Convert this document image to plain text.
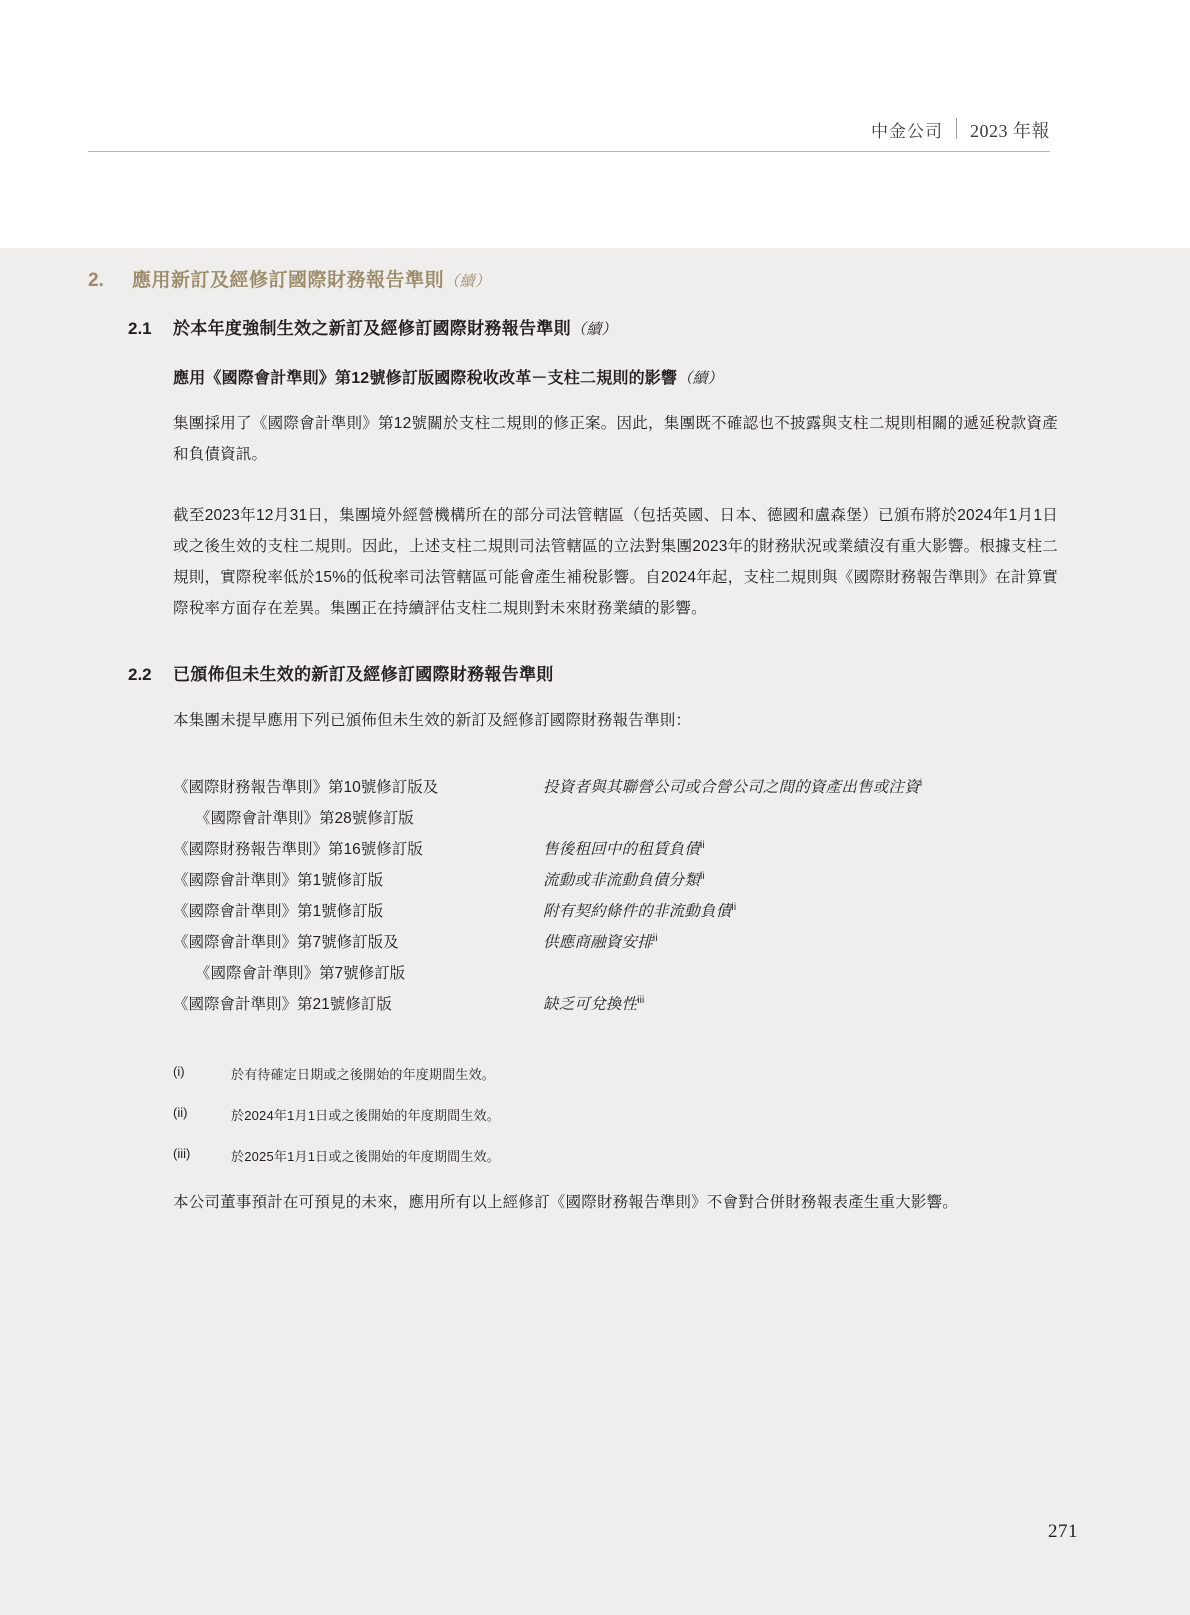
中金公司	2023 年報
2.	應用新訂及經修訂國際財務報告準則（續）
2.1	於本年度強制生效之新訂及經修訂國際財務報告準則（續）
應用《國際會計準則》第12號修訂版國際稅收改革－支柱二規則的影響（續）

集團採用了《國際會計準則》第12號關於支柱二規則的修正案。因此，集團既不確認也不披露與支柱二規則相關的遞延稅款資產和負債資訊。

截至2023年12月31日，集團境外經營機構所在的部分司法管轄區（包括英國、日本、德國和盧森堡）已頒布將於2024年1月1日或之後生效的支柱二規則。因此，上述支柱二規則司法管轄區的立法對集團2023年的財務狀況或業績沒有重大影響。根據支柱二規則，實際稅率低於15%的低稅率司法管轄區可能會產生補稅影響。自2024年起，支柱二規則與《國際財務報告準則》在計算實際稅率方面存在差異。集團正在持續評估支柱二規則對未來財務業績的影響。

2.2	已頒佈但未生效的新訂及經修訂國際財務報告準則

本集團未提早應用下列已頒佈但未生效的新訂及經修訂國際財務報告準則：

《國際財務報告準則》第10號修訂版及	投資者與其聯營公司或合營公司之間的資產出售或注資$^i$
《國際會計準則》第28號修訂版
《國際財務報告準則》第16號修訂版	售後租回中的租賃負債$^{ii}$
《國際會計準則》第1號修訂版	流動或非流動負債分類$^{ii}$
《國際會計準則》第1號修訂版	附有契約條件的非流動負債$^{ii}$
《國際會計準則》第7號修訂版及	供應商融資安排$^{ii}$
《國際會計準則》第7號修訂版
《國際會計準則》第21號修訂版	缺乏可兌換性$^{iii}$
(i)	於有待確定日期或之後開始的年度期間生效。
(ii)	於2024年1月1日或之後開始的年度期間生效。
(iii)	於2025年1月1日或之後開始的年度期間生效。

本公司董事預計在可預見的未來，應用所有以上經修訂《國際財務報告準則》不會對合併財務報表產生重大影響。

271
